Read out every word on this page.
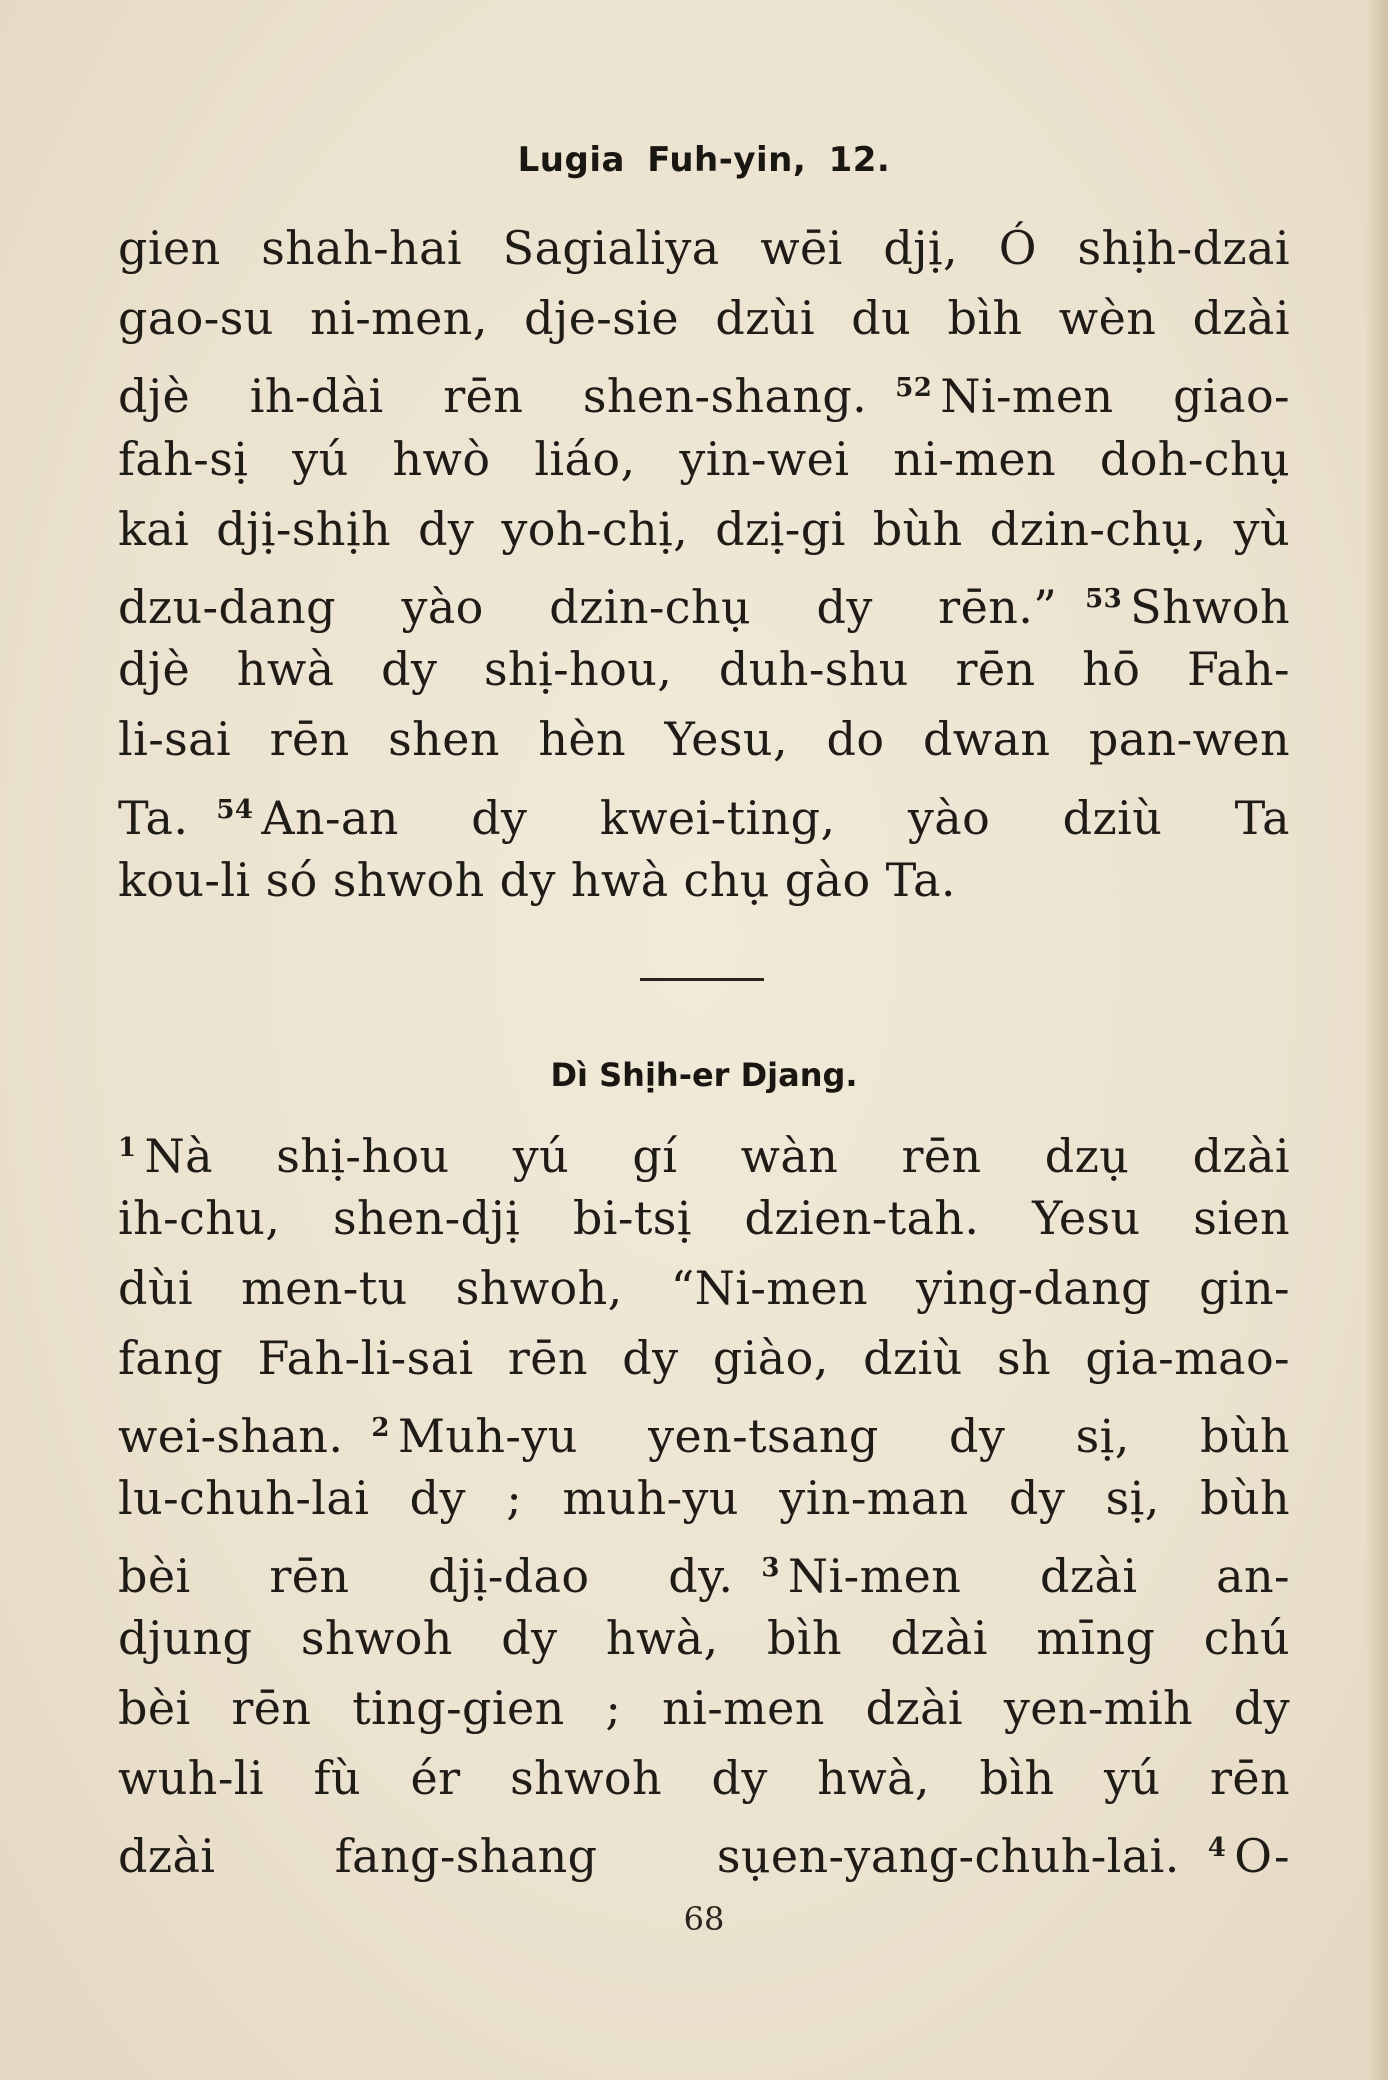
Lugia Fuh-yin, 12.
gien shah-hai Sagialiya wēi djị, Ó shịh-dzai
gao-su ni-men, dje-sie dzùi du bìh wèn dzài
djè ih-dài rēn shen-shang. $^{52}$ Ni-men giao-
fah-sị yú hwò liáo, yin-wei ni-men doh-chụ
kai djị-shịh dy yoh-chị, dzị-gi bùh dzin-chụ, yù
dzu-dang yào dzin-chụ dy rēn.” $^{53}$ Shwoh
djè hwà dy shị-hou, duh-shu rēn hō Fah-
li-sai rēn shen hèn Yesu, do dwan pan-wen
Ta. $^{54}$ An-an dy kwei-ting, yào dziù Ta
kou-li só shwoh dy hwà chụ gào Ta.
Dì Shịh-er Djang.
$^1$ Nà shị-hou yú gí wàn rēn dzụ dzài
ih-chu, shen-djị bi-tsị dzien-tah. Yesu sien
dùi men-tu shwoh, “Ni-men ying-dang gin-
fang Fah-li-sai rēn dy giào, dziù sh gia-mao-
wei-shan. $^2$ Muh-yu yen-tsang dy sị, bùh
lu-chuh-lai dy ; muh-yu yin-man dy sị, bùh
bèi rēn djị-dao dy. $^3$ Ni-men dzài an-
djung shwoh dy hwà, bìh dzài mīng chú
bèi rēn ting-gien ; ni-men dzài yen-mih dy
wuh-li fù ér shwoh dy hwà, bìh yú rēn
dzài fang-shang sụen-yang-chuh-lai. $^4$ O-
68
